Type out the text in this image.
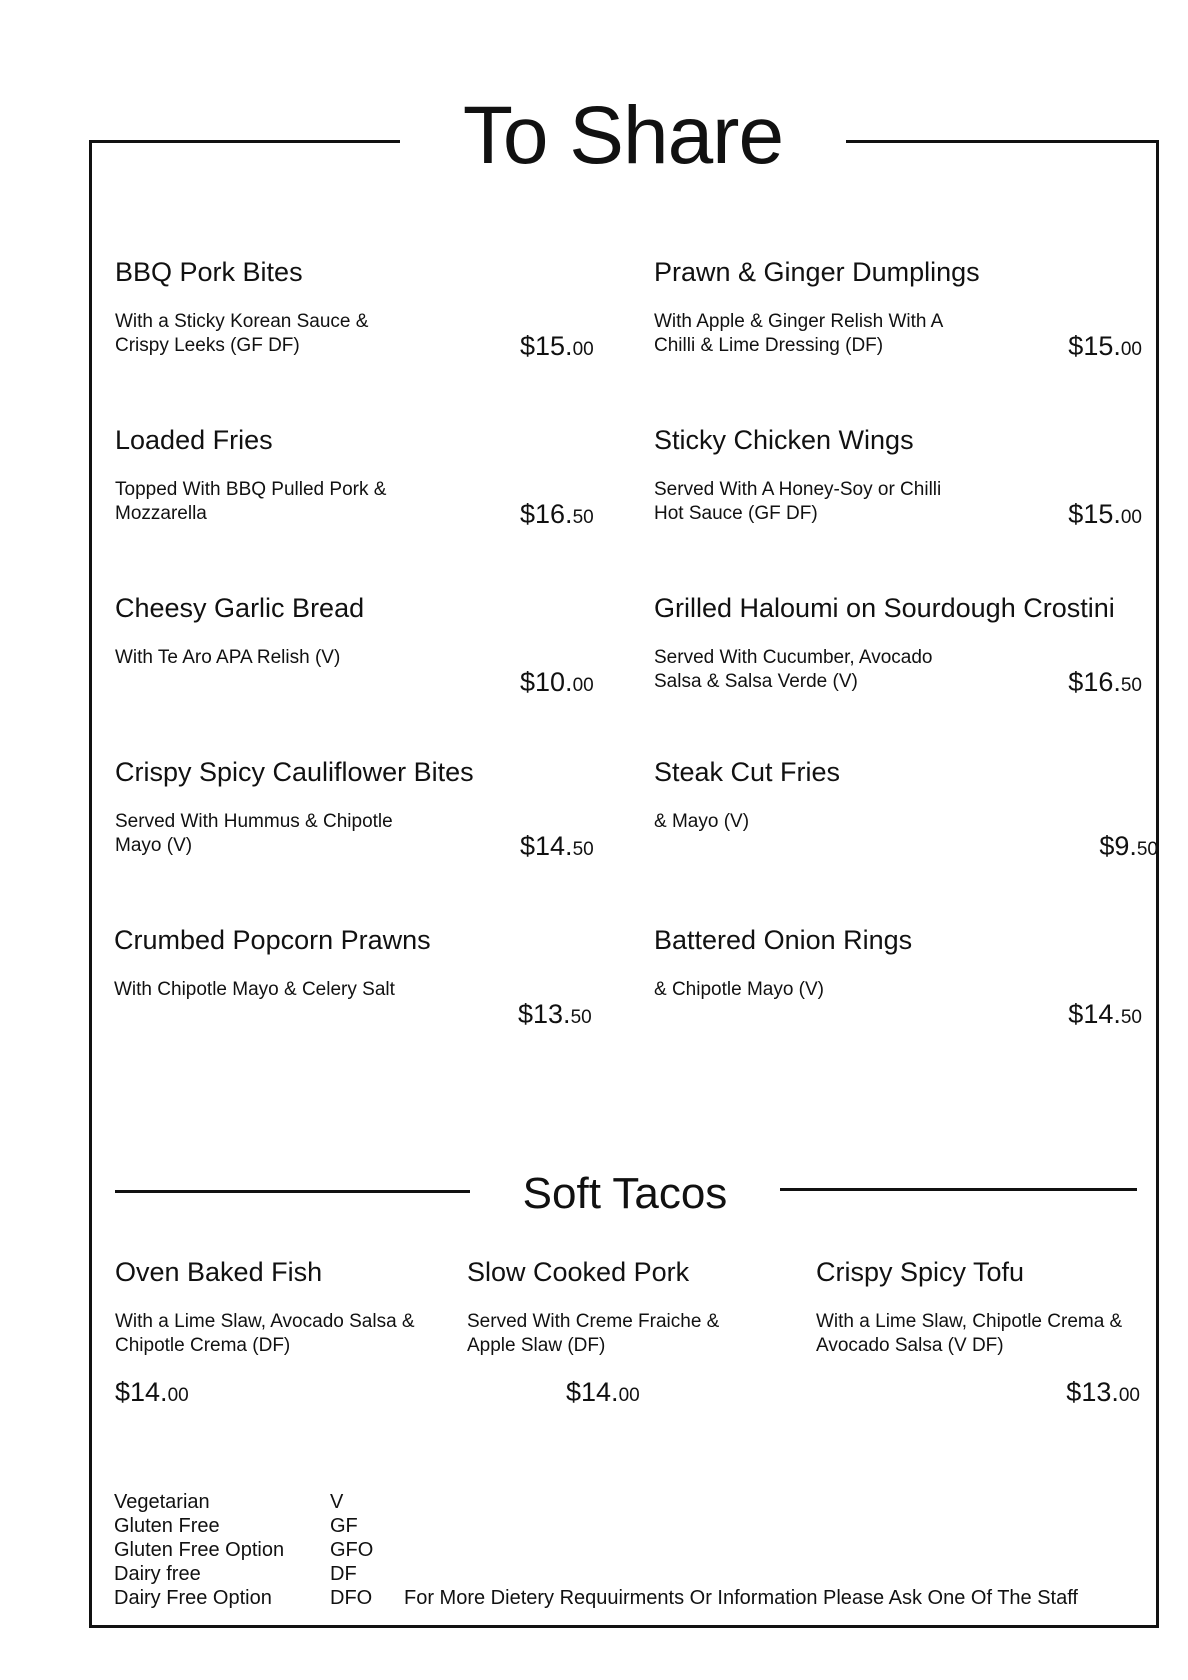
To Share
BBQ Pork Bites
With a Sticky Korean Sauce & Crispy Leeks (GF DF)	$15.00
Loaded Fries
Topped With BBQ Pulled Pork & Mozzarella	$16.50
Cheesy Garlic Bread
With Te Aro APA Relish (V)
$10.00
Crispy Spicy Cauliflower Bites
Served With Hummus & Chipotle Mayo (V)	$14.50
Crumbed Popcorn Prawns
With Chipotle Mayo & Celery Salt
$13.50
Prawn & Ginger Dumplings
With Apple & Ginger Relish With A Chilli & Lime Dressing (DF)	$15.00
Sticky Chicken Wings
Served With A Honey-Soy or Chilli Hot Sauce (GF DF)	$15.00
Grilled Haloumi on Sourdough Crostini
Served With Cucumber, Avocado Salsa & Salsa Verde (V)	$16.50
Steak Cut Fries
& Mayo (V)
$9.50
Battered Onion Rings
& Chipotle Mayo (V)
$14.50
Soft Tacos
Oven Baked Fish
With a Lime Slaw, Avocado Salsa & Chipotle Crema (DF)
$14.00
Slow Cooked Pork
Served With Creme Fraiche & Apple Slaw (DF)
$14.00
Crispy Spicy Tofu
With a Lime Slaw, Chipotle Crema & Avocado Salsa (V DF)
$13.00
Vegetarian	V
Gluten Free	GF
Gluten Free Option	GFO
Dairy free	DF
Dairy Free Option	DFO	For More Dietery Requuirments Or Information Please Ask One Of The Staff
